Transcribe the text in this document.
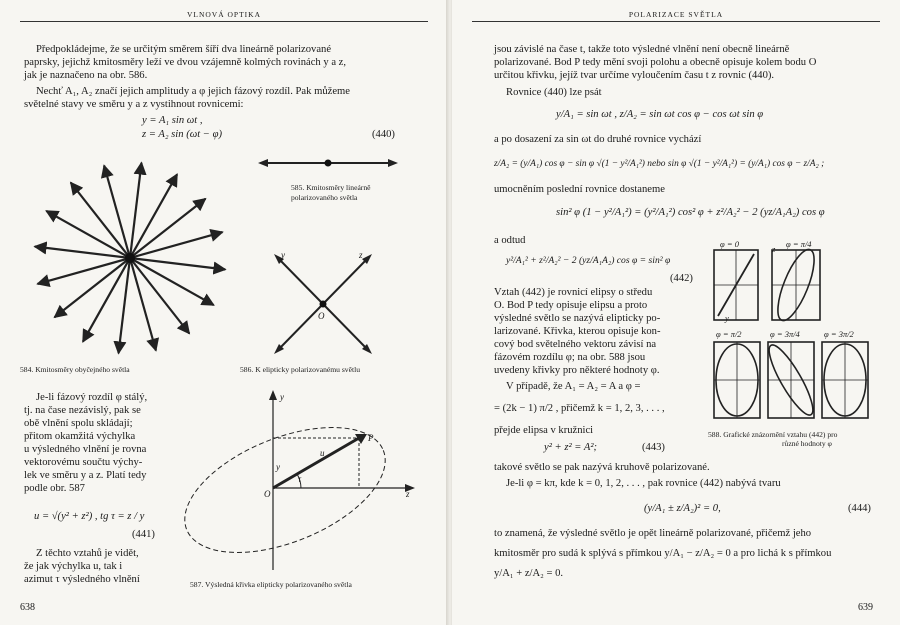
VLNOVÁ OPTIKA
Předpokládejme, že se určitým směrem šíří dva lineárně polarizované
paprsky, jejichž kmitosměry leží ve dvou vzájemně kolmých rovinách y a z,
jak je naznačeno na obr. 586.
Nechť A₁, A₂ značí jejich amplitudy a φ jejich fázový rozdíl. Pak můžeme
světelné stavy ve směru y a z vystihnout rovnicemi:
y = A₁ sin ωt ,
z = A₂ sin (ωt − φ)	(440)
584. Kmitosměry obyčejného světla
585. Kmitosměry lineárně
polarizovaného světla
y	z
O
586. K elipticky polarizovanému světlu
Je-li fázový rozdíl φ stálý,
tj. na čase nezávislý, pak se
obě vlnění spolu skládají;
přitom okamžitá výchylka
u výsledného vlnění je rovna
vektorovému součtu výchy-
lek ve směru y a z. Platí tedy
podle obr. 587
u = √(y² + z²) , tg τ = z / y
(441)
Z těchto vztahů je vidět,
že jak výchylka u, tak i
azimut τ výsledného vlnění
y
z
O
P
u
y
τ
587. Výsledná křivka elipticky polarizovaného světla
638
POLARIZACE SVĚTLA
jsou závislé na čase t, takže toto výsledné vlnění není obecně lineárně
polarizované. Bod P tedy mění svoji polohu a obecně opisuje kolem bodu O
určitou křivku, jejíž tvar určíme vyloučením času t z rovnic (440).
Rovnice (440) lze psát
y/A₁ = sin ωt , z/A₂ = sin ωt cos φ − cos ωt sin φ
a po dosazení za sin ωt do druhé rovnice vychází
z/A₂ = (y/A₁) cos φ − sin φ √(1 − y²/A₁²) nebo sin φ √(1 − y²/A₁²) = (y/A₁) cos φ − z/A₂ ;
umocněním poslední rovnice dostaneme
sin² φ (1 − y²/A₁²) = (y²/A₁²) cos² φ + z²/A₂² − 2 (yz/A₁A₂) cos φ
a odtud
y²/A₁² + z²/A₂² − 2 (yz/A₁A₂) cos φ = sin² φ
(442)
Vztah (442) je rovnicí elipsy o středu
O. Bod P tedy opisuje elipsu a proto
výsledné světlo se nazývá elipticky po-
larizované. Křivka, kterou opisuje kon-
cový bod světelného vektoru závisí na
fázovém rozdílu φ; na obr. 588 jsou
uvedeny křivky pro některé hodnoty φ.
V případě, že A₁ = A₂ = A a φ =
= (2k − 1) π/2 , přičemž k = 1, 2, 3, . . . ,
přejde elipsa v kružnici
y² + z² = A²;	(443)
takové světlo se pak nazývá kruhově polarizované.
Je-li φ = kπ, kde k = 0, 1, 2, . . . , pak rovnice (442) nabývá tvaru
(y/A₁ ± z/A₂)² = 0,	(444)
to znamená, že výsledné světlo je opět lineárně polarizované, přičemž jeho
kmitosměr pro sudá k splývá s přímkou y/A₁ − z/A₂ = 0 a pro lichá k s přímkou
y/A₁ + z/A₂ = 0.
φ = 0	φ = π/4
φ = π/2	φ = 3π/4	φ = 3π/2
y
z
588. Grafické znázornění vztahu (442) pro
různé hodnoty φ
639
